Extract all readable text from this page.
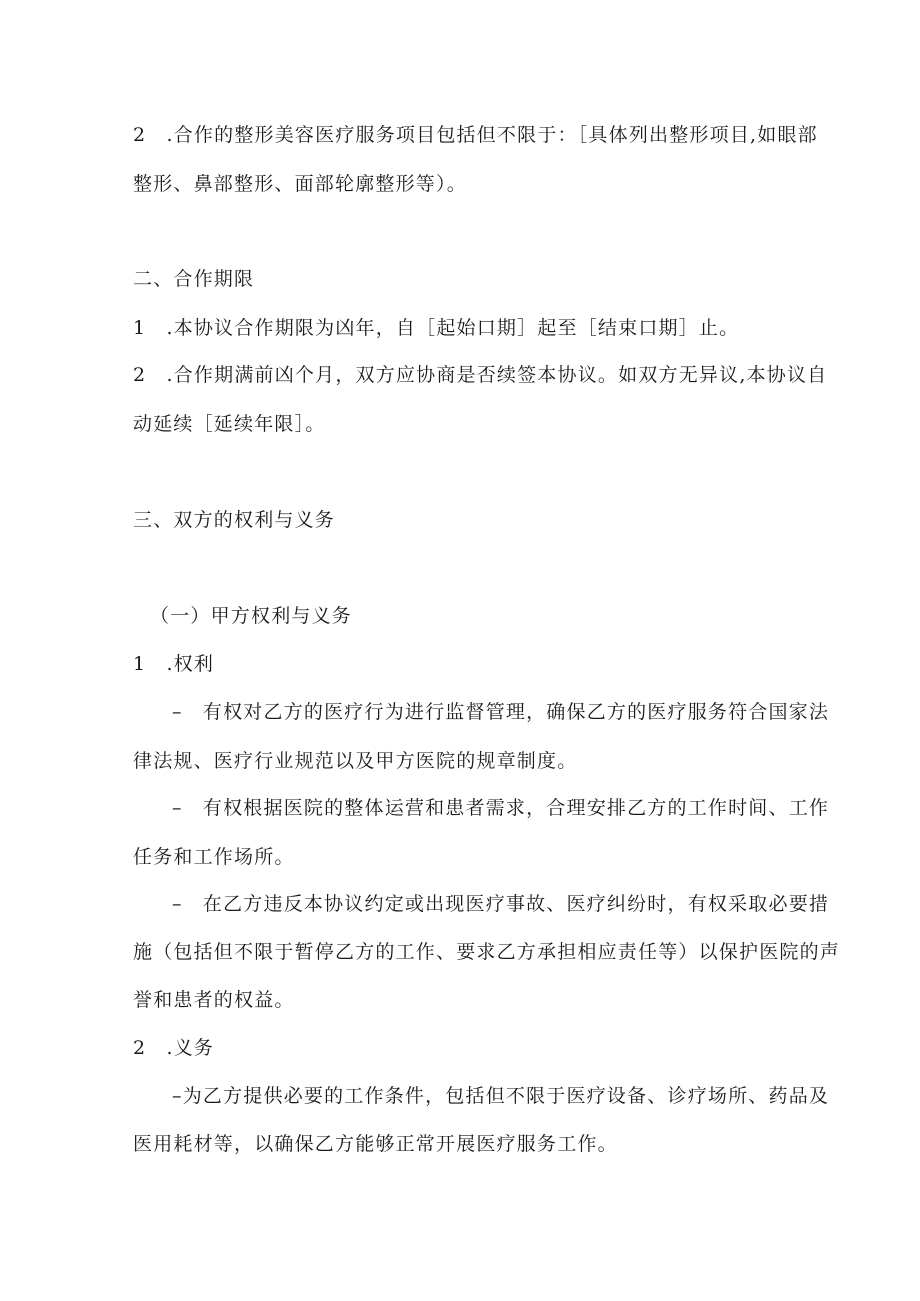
2　.合作的整形美容医疗服务项目包括但不限于：［具体列出整形项目,如眼部
整形、鼻部整形、面部轮廓整形等）。
二、合作期限
1　.本协议合作期限为凶年，自［起始口期］起至［结束口期］止。
2　.合作期满前凶个月，双方应协商是否续签本协议。如双方无异议,本协议自
动延续［延续年限］。
三、双方的权利与义务
（一）甲方权利与义务
1　.权利
–　有权对乙方的医疗行为进行监督管理，确保乙方的医疗服务符合国家法
律法规、医疗行业规范以及甲方医院的规章制度。
–　有权根据医院的整体运营和患者需求，合理安排乙方的工作时间、工作
任务和工作场所。
–　在乙方违反本协议约定或出现医疗事故、医疗纠纷时，有权采取必要措
施（包括但不限于暂停乙方的工作、要求乙方承担相应责任等）以保护医院的声
誉和患者的权益。
2　.义务
–为乙方提供必要的工作条件，包括但不限于医疗设备、诊疗场所、药品及
医用耗材等，以确保乙方能够正常开展医疗服务工作。
